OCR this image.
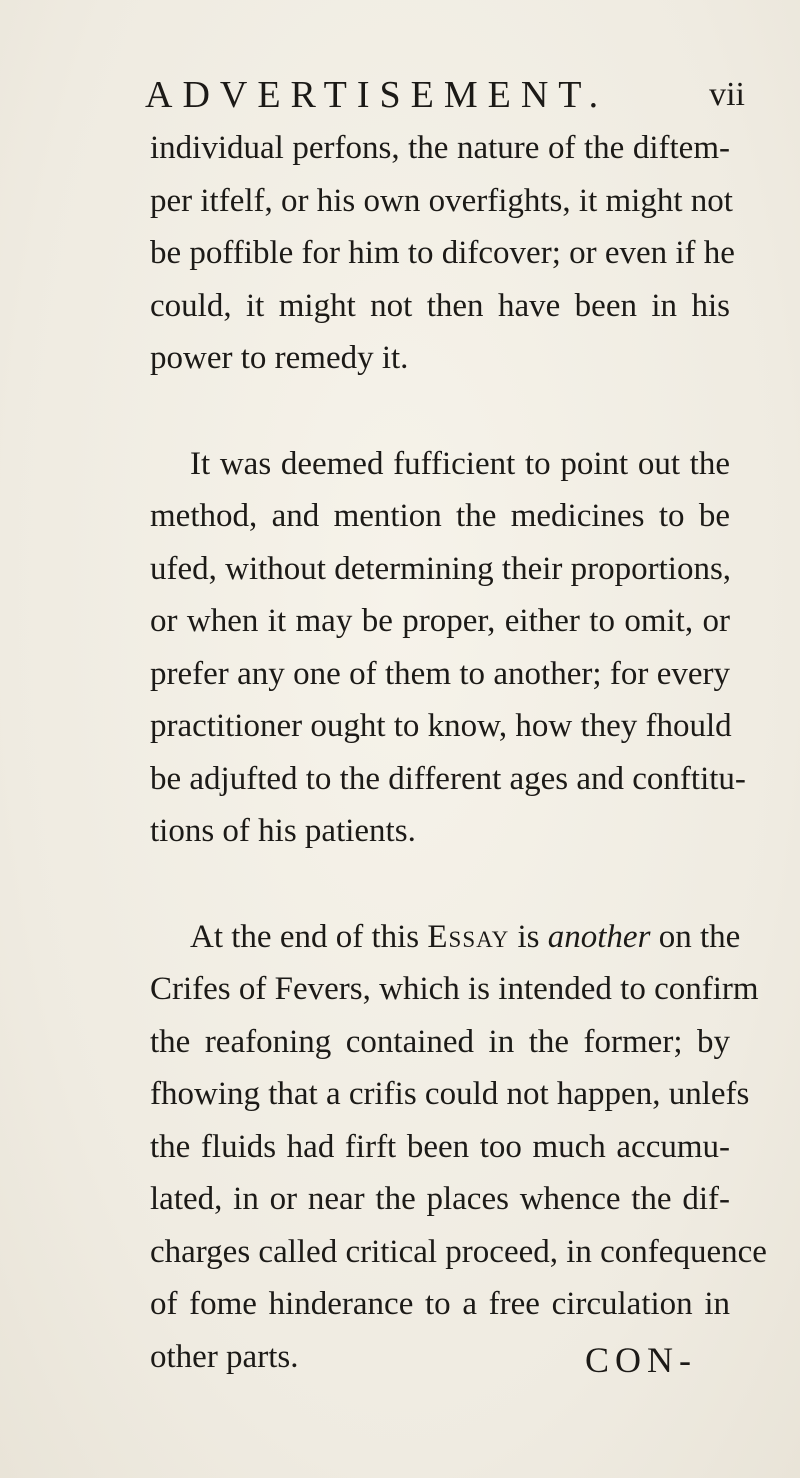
ADVERTISEMENT.	vii
individual perfons, the nature of the diftem-
per itfelf, or his own overfights, it might not
be poffible for him to difcover; or even if he
could, it might not then have been in his
power to remedy it.
It was deemed fufficient to point out the
method, and mention the medicines to be
ufed, without determining their proportions,
or when it may be proper, either to omit, or
prefer any one of them to another; for every
practitioner ought to know, how they fhould
be adjufted to the different ages and conftitu-
tions of his patients.
At the end of this Essay is another on the
Crifes of Fevers, which is intended to confirm
the reafoning contained in the former; by
fhowing that a crifis could not happen, unlefs
the fluids had firft been too much accumu-
lated, in or near the places whence the dif-
charges called critical proceed, in confequence
of fome hinderance to a free circulation in
other parts.	CON-
